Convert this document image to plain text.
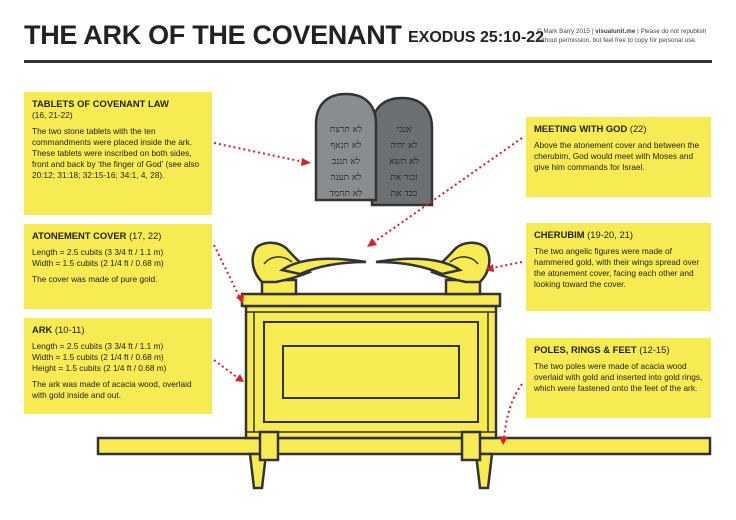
THE ARK OF THE COVENANT EXODUS 25:10-22
© Mark Barry 2015 | visualunit.me | Please do not republish
without permission, but feel free to copy for personal use.
לא תרצח
לא תנאף
לא תגנב
לא תענה
לא תחמד
אנכי
לא יהיה
לא תשא
זכור את
כבד את
TABLETS OF COVENANT LAW
(16, 21-22)

The two stone tablets with the ten commandments were placed inside the ark. These tablets were inscribed on both sides, front and back by ‘the finger of God’ (see also 20:12; 31:18; 32:15-16; 34:1, 4, 28).

ATONEMENT COVER (17, 22)

Length = 2.5 cubits (3 3/4 ft / 1.1 m)

Width = 1.5 cubits (2 1/4 ft / 0.68 m)

The cover was made of pure gold.

ARK (10-11)

Length = 2.5 cubits (3 3/4 ft / 1.1 m)

Width = 1.5 cubits (2 1/4 ft / 0.68 m)
Height = 1.5 cubits (2 1/4 ft / 0.68 m)

The ark was made of acacia wood, overlaid with gold inside and out.

MEETING WITH GOD (22)

Above the atonement cover and between the cherubim, God would meet with Moses and give him commands for Israel.

CHERUBIM (19-20, 21)

The two angelic figures were made of hammered gold, with their wings spread over the atonement cover, facing each other and looking toward the cover.

POLES, RINGS & FEET (12-15)

The two poles were made of acacia wood overlaid with gold and inserted into gold rings, which were fastened onto the feet of the ark.
